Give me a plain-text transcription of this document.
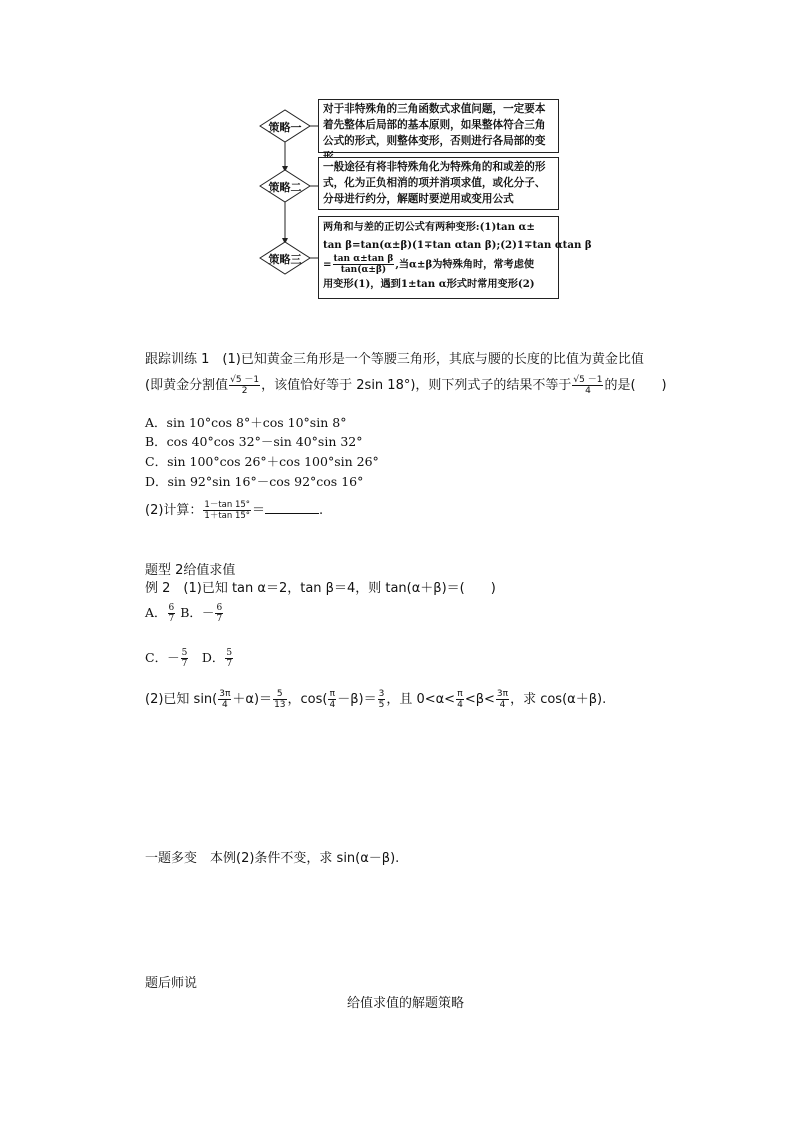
策略一
策略二
策略三
对于非特殊角的三角函数式求值问题，一定要本着先整体后局部的基本原则，如果整体符合三角公式的形式，则整体变形，否则进行各局部的变
一般途径有将非特殊角化为特殊角的和或差的形式，化为正负相消的项并消项求值，或化分子、分母进行约分，解题时要逆用或变用公式
两角和与差的正切公式有两种变形:(1)tan α±
tan β=tan(α±β)(1∓tan αtan β);(2)1∓tan αtan β
= $\frac{\text{tan α±tan β}}{\tan(\alpha\pm\beta)}$ ,当α±β为特殊角时，常考虑使
用变形(1)，遇到1±tan α形式时常用变形(2)
跟踪训练 1　(1)已知黄金三角形是一个等腰三角形，其底与腰的长度的比值为黄金比值
(即黄金分割值 $\frac{√5 -1}{2}$ ，该值恰好等于 2sin 18°)，则下列式子的结果不等于 $\frac{√5 -1}{4}$ 的是(　　)
A．sin 10°cos 8°＋cos 10°sin 8°
B．cos 40°cos 32°－sin 40°sin 32°
C．sin 100°cos 26°＋cos 100°sin 26°
D．sin 92°sin 16°－cos 92°cos 16°
(2)计算： $\frac{1-\tan 15^\circ}{1+\tan 15^\circ}$ ＝	.
题型 2给值求值
例 2　(1)已知 tan α＝2，tan β＝4，则 tan(α＋β)＝(　　)
A． $\frac{6}{7}$ B．－ $\frac{6}{7}$
C．－ $\frac{5}{7}$ 　D． $\frac{5}{7}$
(2)已知 $\sin( \frac{3\pi}{4} +\alpha)= \frac{5}{13}$ ，$\cos( \frac{\pi}{4} -\beta)= \frac{3}{5}$ ，且 $0<\alpha< \frac{\pi}{4} <\beta< \frac{3\pi}{4}$ ，求 cos(α＋β).
一题多变　本例(2)条件不变，求 sin(α－β).
题后师说
给值求值的解题策略
